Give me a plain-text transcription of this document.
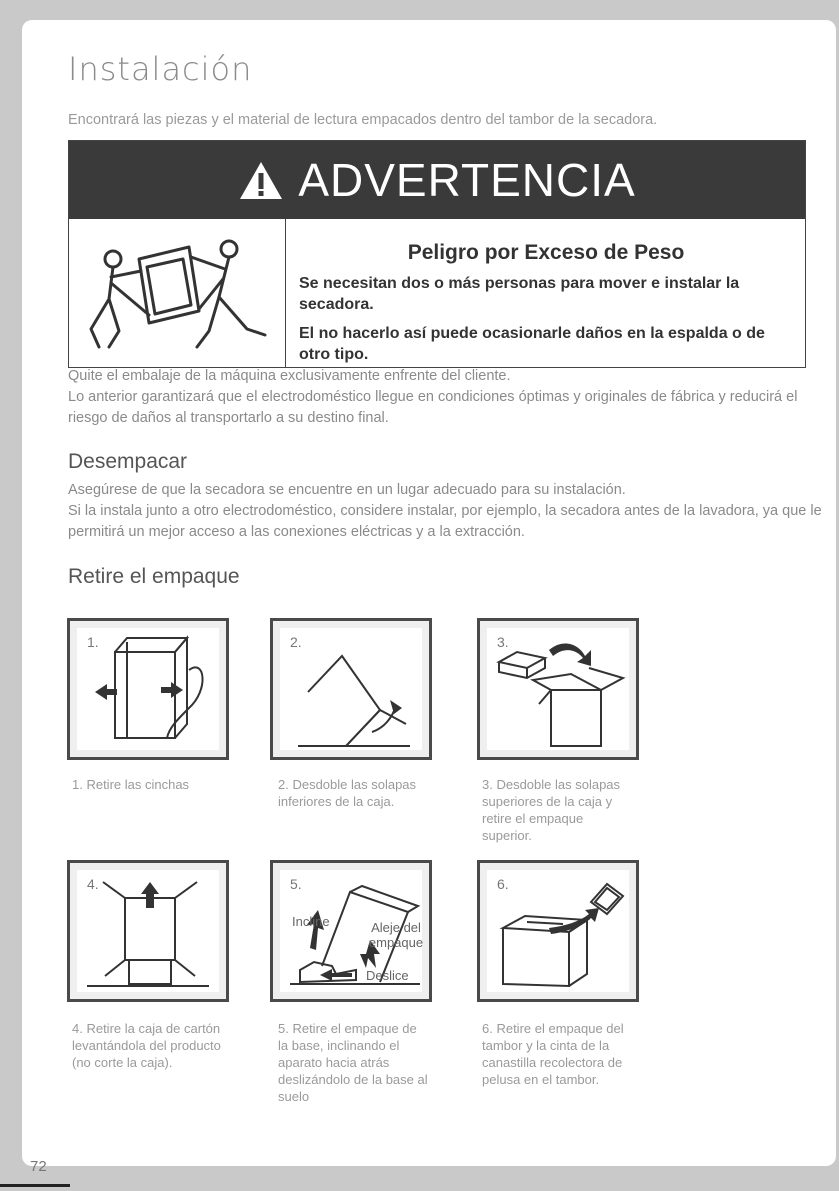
Instalación
Encontrará las piezas y el material de lectura empacados dentro del tambor de la secadora.
ADVERTENCIA
Peligro por Exceso de Peso
Se necesitan dos o más personas para mover e instalar la secadora.
El no hacerlo así puede ocasionarle daños en la espalda o de otro tipo.
Quite el embalaje de la máquina exclusivamente enfrente del cliente.
Lo anterior garantizará que el electrodoméstico llegue en condiciones óptimas y originales de fábrica y reducirá el riesgo de daños al transportarlo a su destino final.
Desempacar
Asegúrese de que la secadora se encuentre en un lugar adecuado para su instalación.
Si la instala junto a otro electrodoméstico, considere instalar, por ejemplo, la secadora antes de la lavadora, ya que le permitirá un mejor acceso a las conexiones eléctricas y a la extracción.
Retire el empaque
1.
1. Retire las cinchas
2.
2. Desdoble las solapas inferiores de la caja.
3.
3. Desdoble las solapas superiores de la caja y retire el empaque superior.
4.
4. Retire la caja de cartón levantándola del producto (no corte la caja).
5.
Incline	Aleje del empaque
Deslice
5. Retire el empaque de la base, inclinando el aparato hacia atrás deslizándolo de la base al suelo
6.
6. Retire el empaque del tambor y la cinta de la canastilla recolectora de pelusa en el tambor.
72
